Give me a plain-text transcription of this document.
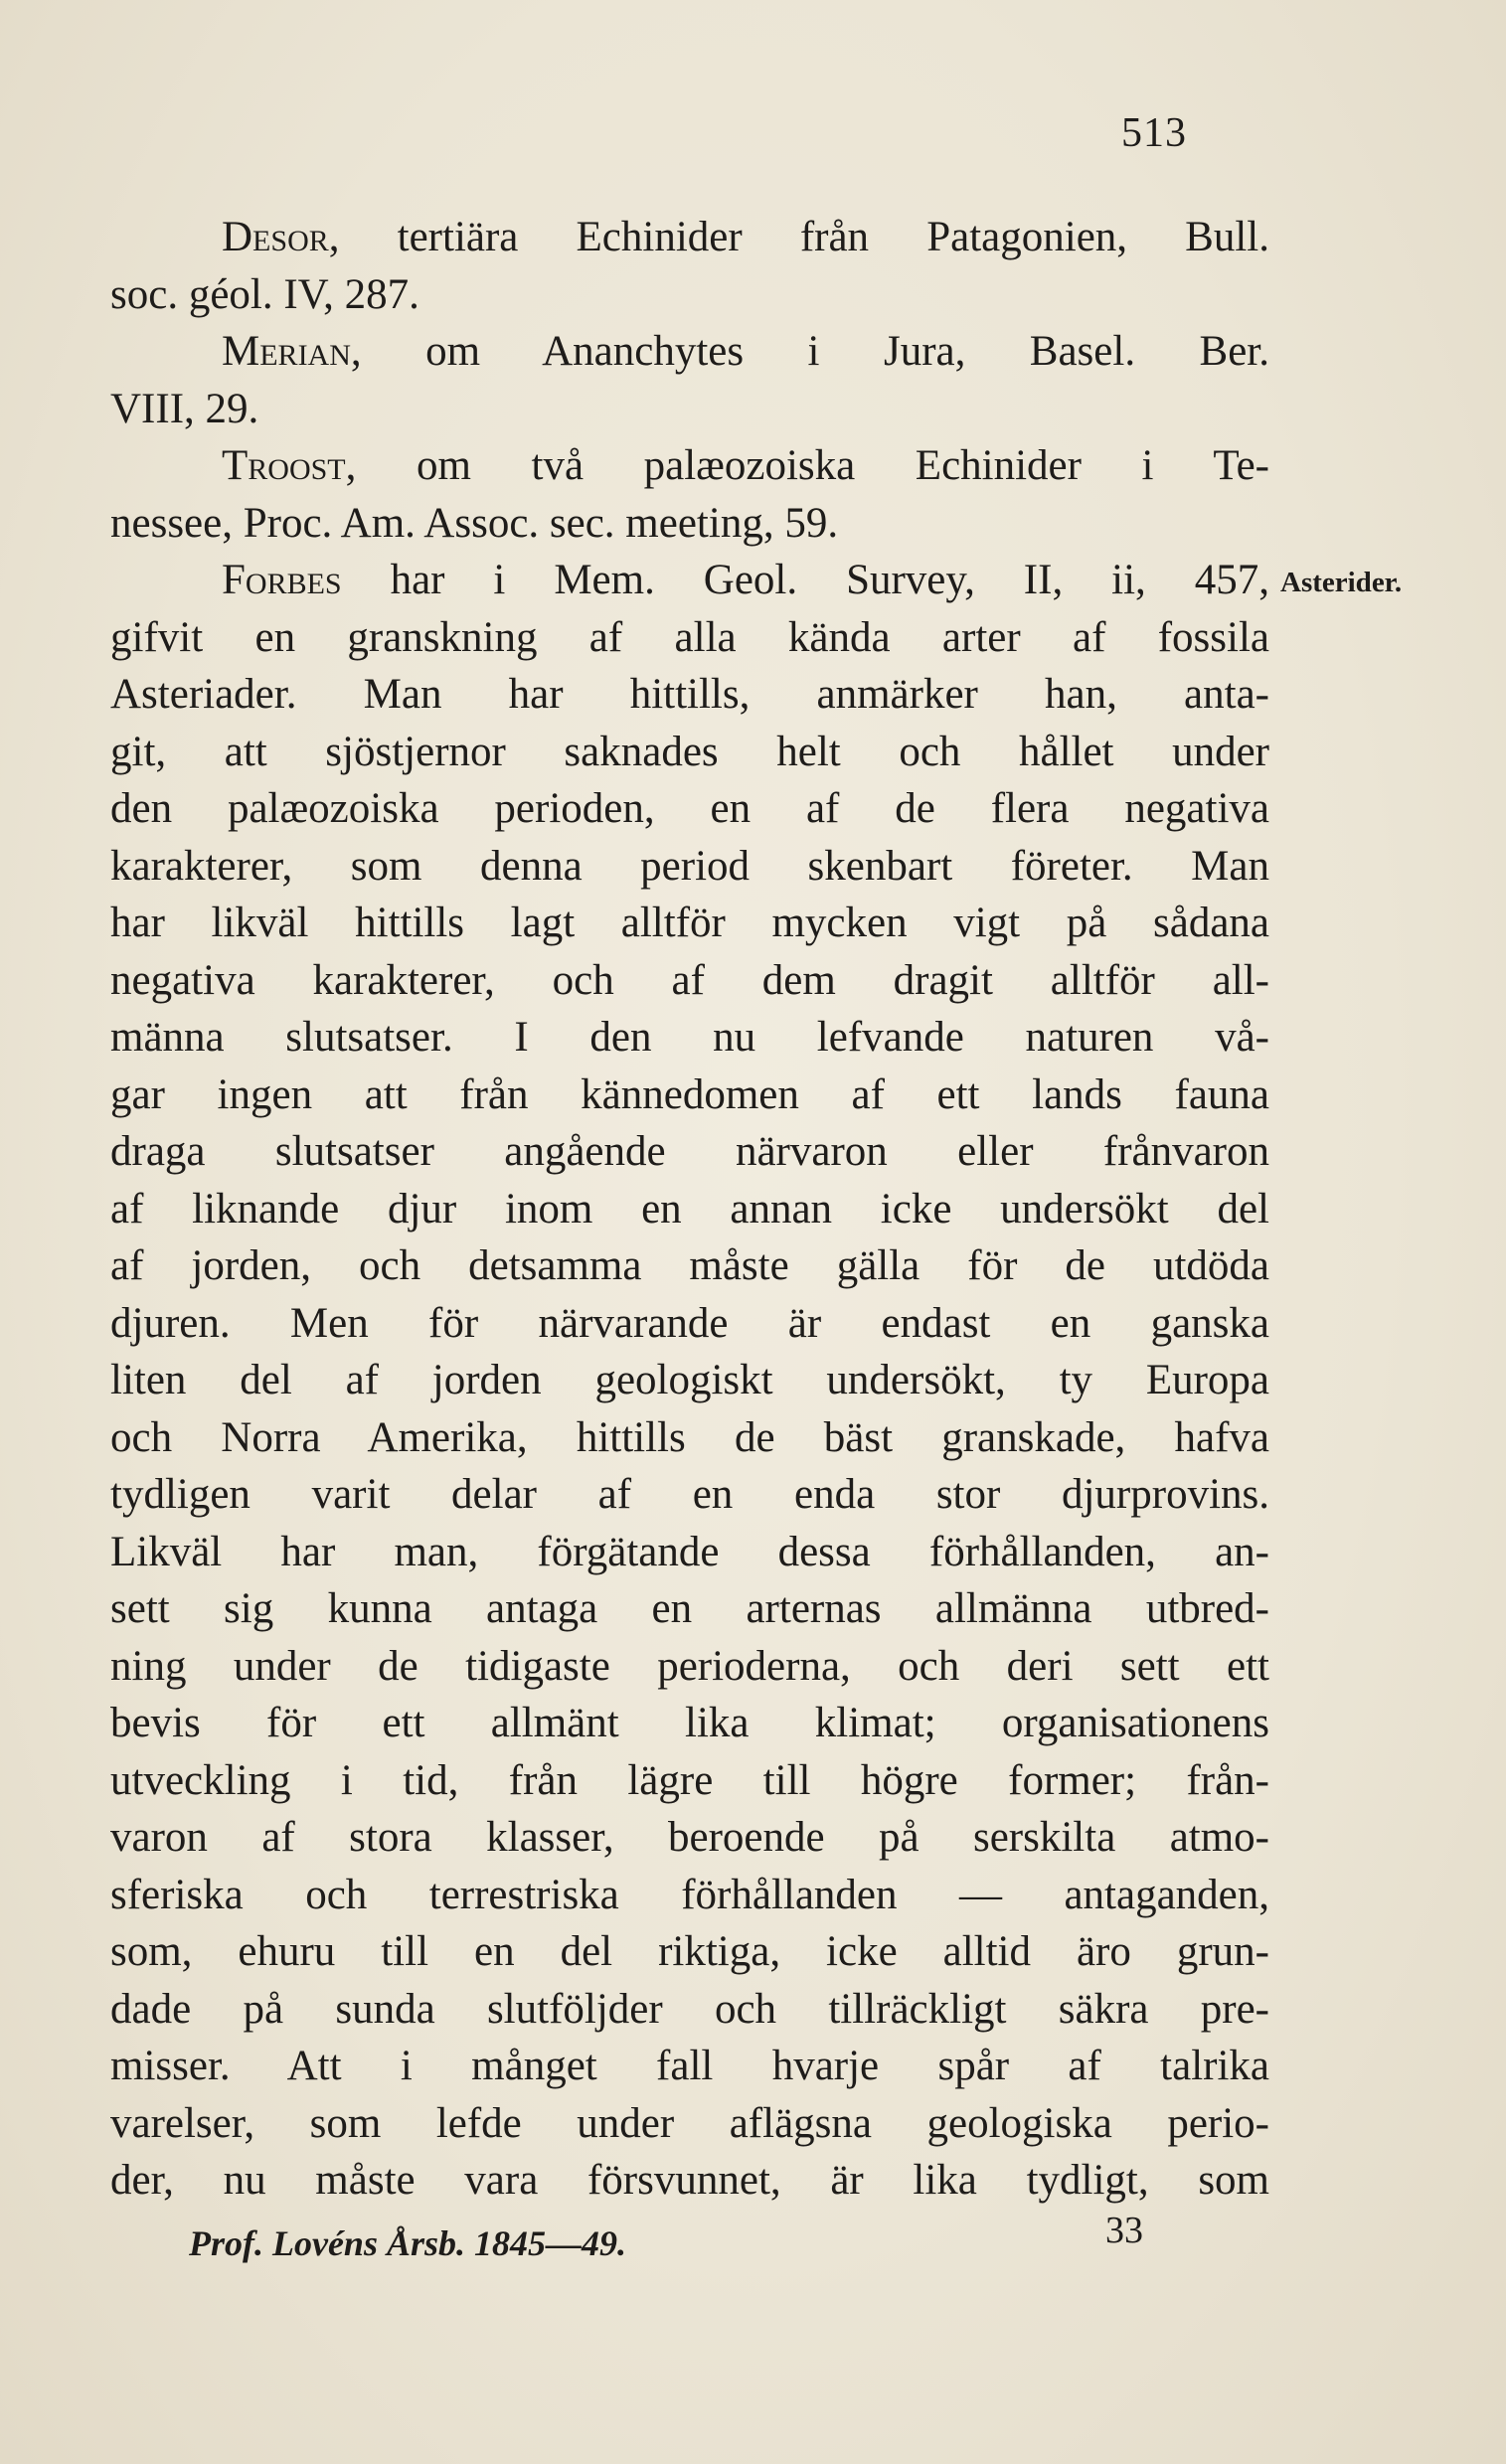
513
Desor, tertiära Echinider från Patagonien, Bull.
soc. géol. IV, 287.
Merian, om Ananchytes i Jura, Basel. Ber.
VIII, 29.
Troost, om två palæozoiska Echinider i Te-
nessee, Proc. Am. Assoc. sec. meeting, 59.
Forbes har i Mem. Geol. Survey, II, ii, 457,
gifvit en granskning af alla kända arter af fossila
Asteriader. Man har hittills, anmärker han, anta-
git, att sjöstjernor saknades helt och hållet under
den palæozoiska perioden, en af de flera negativa
karakterer, som denna period skenbart företer. Man
har likväl hittills lagt alltför mycken vigt på sådana
negativa karakterer, och af dem dragit alltför all-
männa slutsatser. I den nu lefvande naturen vå-
gar ingen att från kännedomen af ett lands fauna
draga slutsatser angående närvaron eller frånvaron
af liknande djur inom en annan icke undersökt del
af jorden, och detsamma måste gälla för de utdöda
djuren. Men för närvarande är endast en ganska
liten del af jorden geologiskt undersökt, ty Europa
och Norra Amerika, hittills de bäst granskade, hafva
tydligen varit delar af en enda stor djurprovins.
Likväl har man, förgätande dessa förhållanden, an-
sett sig kunna antaga en arternas allmänna utbred-
ning under de tidigaste perioderna, och deri sett ett
bevis för ett allmänt lika klimat; organisationens
utveckling i tid, från lägre till högre former; från-
varon af stora klasser, beroende på serskilta atmo-
sferiska och terrestriska förhållanden — antaganden,
som, ehuru till en del riktiga, icke alltid äro grun-
dade på sunda slutföljder och tillräckligt säkra pre-
misser. Att i månget fall hvarje spår af talrika
varelser, som lefde under aflägsna geologiska perio-
der, nu måste vara försvunnet, är lika tydligt, som
Asterider.
Prof. Lovéns Årsb. 1845—49.	33
